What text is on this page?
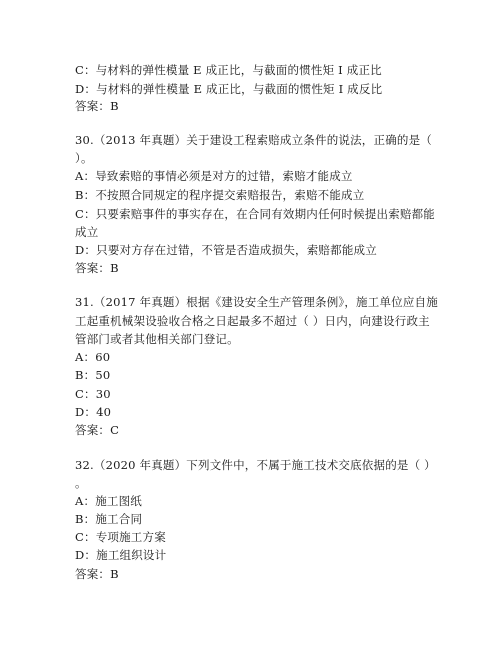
C：与材料的弹性模量 E 成正比，与截面的惯性矩 I 成正比
D：与材料的弹性模量 E 成正比，与截面的惯性矩 I 成反比
答案：B
30.（2013 年真题）关于建设工程索赔成立条件的说法，正确的是（
）。
A：导致索赔的事情必须是对方的过错，索赔才能成立
B：不按照合同规定的程序提交索赔报告，索赔不能成立
C：只要索赔事件的事实存在，在合同有效期内任何时候提出索赔都能
成立
D：只要对方存在过错，不管是否造成损失，索赔都能成立
答案：B
31.（2017 年真题）根据《建设安全生产管理条例》，施工单位应自施
工起重机械架设验收合格之日起最多不超过（ ）日内，向建设行政主
管部门或者其他相关部门登记。
A：60
B：50
C：30
D：40
答案：C
32.（2020 年真题）下列文件中，不属于施工技术交底依据的是（ ）
。
A：施工图纸
B：施工合同
C：专项施工方案
D：施工组织设计
答案：B
